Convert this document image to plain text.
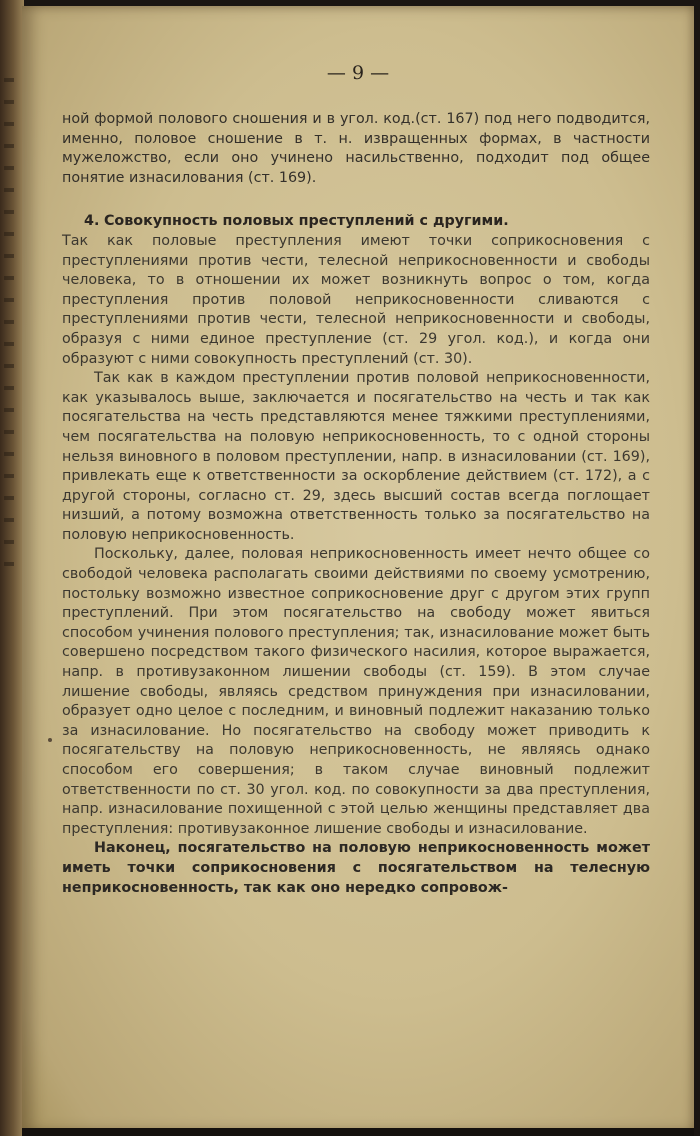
— 9 —

ной формой полового сношения и в угол. код.(ст. 167) под него подводится, именно, половое сношение в т. н. извращенных формах, в частности мужеложство, если оно учинено насильственно, подходит под общее понятие изнасилования (ст. 169).

4. Совокупность половых преступлений с другими.

Так как половые преступления имеют точки соприкосновения с преступлениями против чести, телесной неприкосновенности и свободы человека, то в отношении их может возникнуть вопрос о том, когда преступления против половой неприкосновенности сливаются с преступлениями против чести, телесной неприкосновенности и свободы, образуя с ними единое преступление (ст. 29 угол. код.), и когда они образуют с ними совокупность преступлений (ст. 30).

Так как в каждом преступлении против половой неприкосновенности, как указывалось выше, заключается и посягательство на честь и так как посягательства на честь представляются менее тяжкими преступлениями, чем посягательства на половую неприкосновенность, то с одной стороны нельзя виновного в половом преступлении, напр. в изнасиловании (ст. 169), привлекать еще к ответственности за оскорбление действием (ст. 172), а с другой стороны, согласно ст. 29, здесь высший состав всегда поглощает низший, а потому возможна ответственность только за посягательство на половую неприкосновенность.

Поскольку, далее, половая неприкосновенность имеет нечто общее со свободой человека располагать своими действиями по своему усмотрению, постольку возможно известное соприкосновение друг с другом этих групп преступлений. При этом посягательство на свободу может явиться способом учинения полового преступления; так, изнасилование может быть совершено посредством такого физического насилия, которое выражается, напр. в противузаконном лишении свободы (ст. 159). В этом случае лишение свободы, являясь средством принуждения при изнасиловании, образует одно целое с последним, и виновный подлежит наказанию только за изнасилование. Но посягательство на свободу может приводить к посягательству на половую неприкосновенность, не являясь однако способом его совершения; в таком случае виновный подлежит ответственности по ст. 30 угол. код. по совокупности за два преступления, напр. изнасилование похищенной с этой целью женщины представляет два преступления: противузаконное лишение свободы и изнасилование.

Наконец, посягательство на половую неприкосновенность может иметь точки соприкосновения с посягательством на телесную неприкосновенность, так как оно нередко сопровож-
